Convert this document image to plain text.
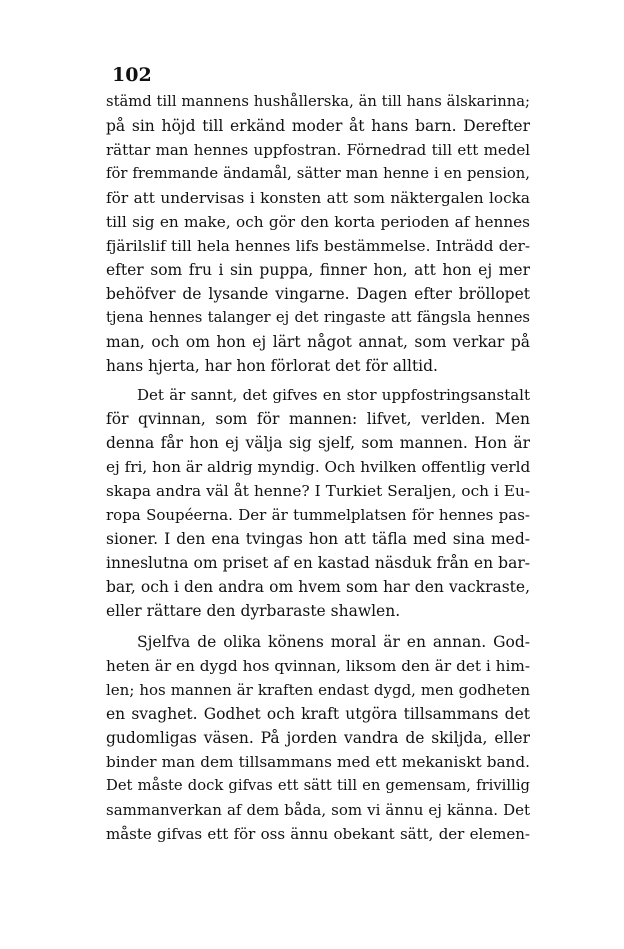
102
stämd till mannens hushållerska, än till hans älskarinna;
på sin höjd till erkänd moder åt hans barn. Derefter
rättar man hennes uppfostran. Förnedrad till ett medel
för fremmande ändamål, sätter man henne i en pension,
för att undervisas i konsten att som näktergalen locka
till sig en make, och gör den korta perioden af hennes
fjärilslif till hela hennes lifs bestämmelse. Inträdd der-
efter som fru i sin puppa, finner hon, att hon ej mer
behöfver de lysande vingarne. Dagen efter bröllopet
tjena hennes talanger ej det ringaste att fängsla hennes
man, och om hon ej lärt något annat, som verkar på
hans hjerta, har hon förlorat det för alltid.
Det är sannt, det gifves en stor uppfostringsanstalt
för qvinnan, som för mannen: lifvet, verlden. Men
denna får hon ej välja sig sjelf, som mannen. Hon är
ej fri, hon är aldrig myndig. Och hvilken offentlig verld
skapa andra väl åt henne? I Turkiet Seraljen, och i Eu-
ropa Soupéerna. Der är tummelplatsen för hennes pas-
sioner. I den ena tvingas hon att täfla med sina med-
inneslutna om priset af en kastad näsduk från en bar-
bar, och i den andra om hvem som har den vackraste,
eller rättare den dyrbaraste shawlen.
Sjelfva de olika könens moral är en annan. God-
heten är en dygd hos qvinnan, liksom den är det i him-
len; hos mannen är kraften endast dygd, men godheten
en svaghet. Godhet och kraft utgöra tillsammans det
gudomligas väsen. På jorden vandra de skiljda, eller
binder man dem tillsammans med ett mekaniskt band.
Det måste dock gifvas ett sätt till en gemensam, frivillig
sammanverkan af dem båda, som vi ännu ej känna. Det
måste gifvas ett för oss ännu obekant sätt, der elemen-
